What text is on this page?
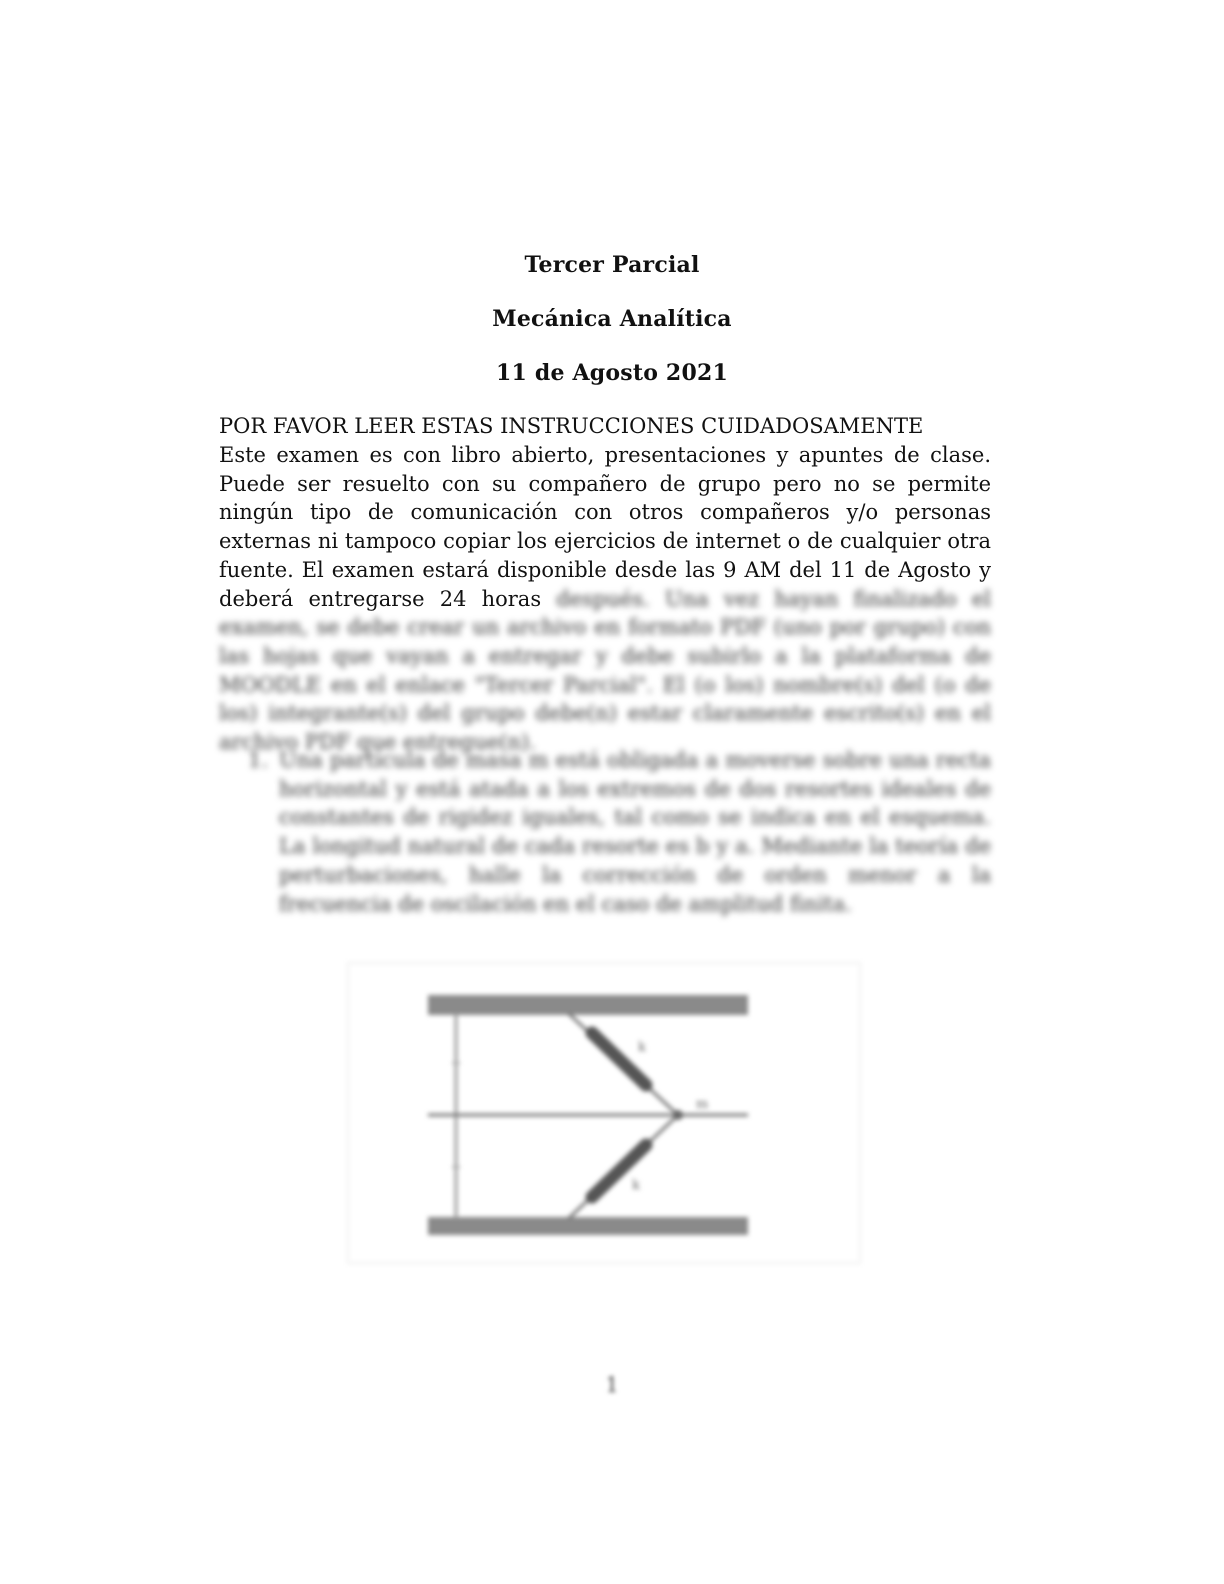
Tercer Parcial
Mecánica Analítica
11 de Agosto 2021
POR FAVOR LEER ESTAS INSTRUCCIONES CUIDADOSAMENTE
Este examen es con libro abierto, presentaciones y apuntes de clase. Puede ser resuelto con su compañero de grupo pero no se permite ningún tipo de comunicación con otros compañeros y/o personas externas ni tampoco copiar los ejercicios de internet o de cualquier otra fuente. El examen estará disponible desde las 9 AM del 11 de Agosto y deberá entregarse 24 horas después. Una vez hayan finalizado el examen, se debe crear un archivo en formato PDF (uno por grupo) con las hojas que vayan a entregar y debe subirlo a la plataforma de MOODLE en el enlace "Tercer Parcial". El (o los) nombre(s) del (o de los) integrante(s) del grupo debe(n) estar claramente escrito(s) en el archivo PDF que entregue(n).
1. Una partícula de masa m está obligada a moverse sobre una recta horizontal y está atada a los extremos de dos resortes ideales de constantes de rigidez iguales, tal como se indica en el esquema. La longitud natural de cada resorte es b y a. Mediante la teoría de perturbaciones, halle la corrección de orden menor a la frecuencia de oscilación en el caso de amplitud finita.
k
k
m
1
